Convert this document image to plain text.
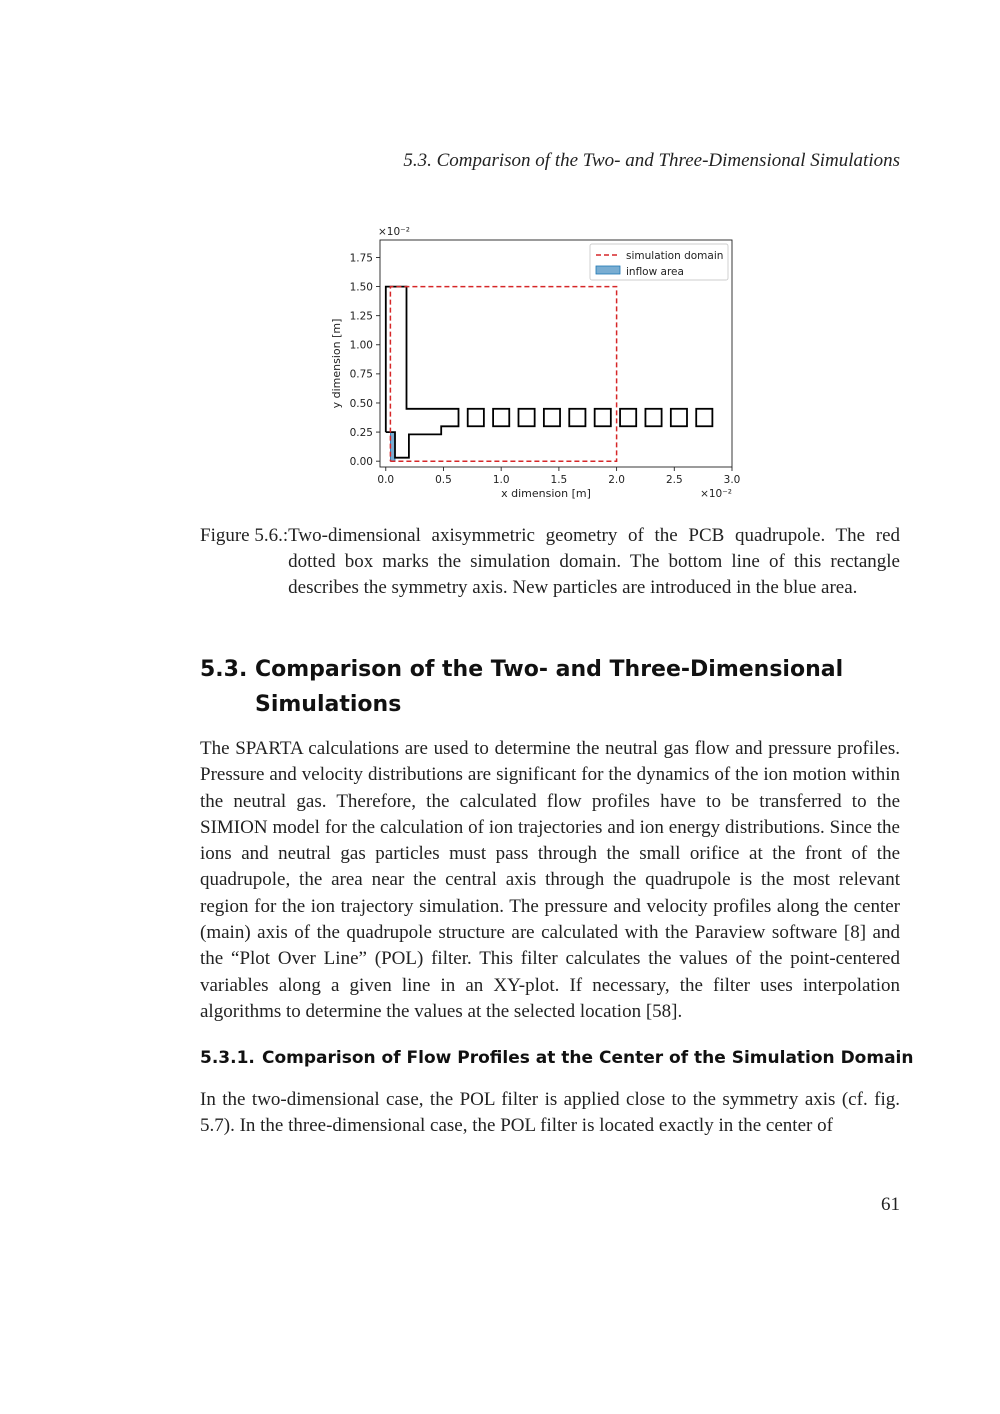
5.3. Comparison of the Two- and Three-Dimensional Simulations
0.0	0.5	1.0	1.5	2.0	2.5	3.0
0.00
0.25
0.50
0.75
1.00
1.25
1.50
1.75
x dimension [m]
y dimension [m]
×10⁻²
×10⁻²
simulation domain
inflow area
Figure 5.6.: Two-dimensional axisymmetric geometry of the PCB quadrupole. The red dotted box marks the simulation domain. The bottom line of this rectangle describes the symmetry axis. New particles are introduced in the blue area.
5.3. Comparison of the Two- and Three-Dimensional Simulations

The SPARTA calculations are used to determine the neutral gas flow and pressure profiles. Pressure and velocity distributions are significant for the dynamics of the ion motion within the neutral gas. Therefore, the calculated flow profiles have to be transferred to the SIMION model for the calculation of ion trajectories and ion energy distributions. Since the ions and neutral gas particles must pass through the small orifice at the front of the quadrupole, the area near the central axis through the quadrupole is the most relevant region for the ion trajectory simulation. The pressure and velocity profiles along the center (main) axis of the quadrupole structure are calculated with the Paraview software [8] and the “Plot Over Line” (POL) filter. This filter calculates the values of the point-centered variables along a given line in an XY-plot. If necessary, the filter uses interpolation algorithms to determine the values at the selected location [58].

5.3.1. Comparison of Flow Profiles at the Center of the Simulation Domain

In the two-dimensional case, the POL filter is applied close to the symmetry axis (cf. fig. 5.7). In the three-dimensional case, the POL filter is located exactly in the center of

61
